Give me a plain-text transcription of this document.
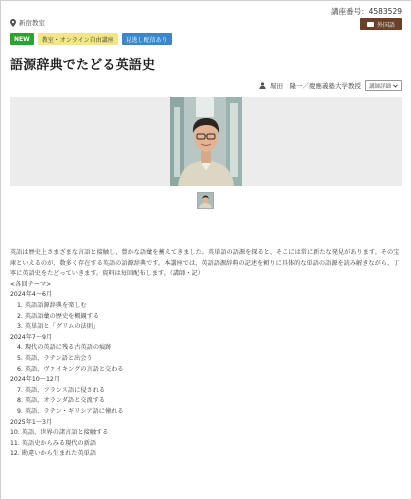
講座番号：4583529
新宿教室	外国語
NEW	教室・オンライン自由講座	見逃し配信あり
語源辞典でたどる英語史
堀田　隆一／慶應義塾大学教授 講師詳細

英語は歴史上さまざまな言語と接触し、豊かな語彙を蓄えてきました。英単語の語源を探ると、そこには常に新たな発見があります。その宝庫といえるのが、数多く存在する英語の語源辞典です。本講座では、英語語源辞典の記述を頼りに具体的な単語の語源を読み解きながら、丁寧に英語史をたどっていきます。資料は毎回配布します。（講師・記）

<各回テーマ>
2024年4〜6月
1. 英語語源辞典を楽しむ
2. 英語語彙の歴史を概観する
3. 英単語と「グリムの法則」
2024年7〜9月
4. 現代の英語に残る古英語の痕跡
5. 英語、ラテン語と出会う
6. 英語、ヴァイキングの言語と交わる
2024年10〜12月
7. 英語、フランス語に侵される
8. 英語、オランダ語と交流する
9. 英語、ラテン・ギリシア語に憧れる
2025年1〜3月
10. 英語、世界の諸言語と接触する
11. 英語史からみる現代の新語
12. 勘違いから生まれた英単語
